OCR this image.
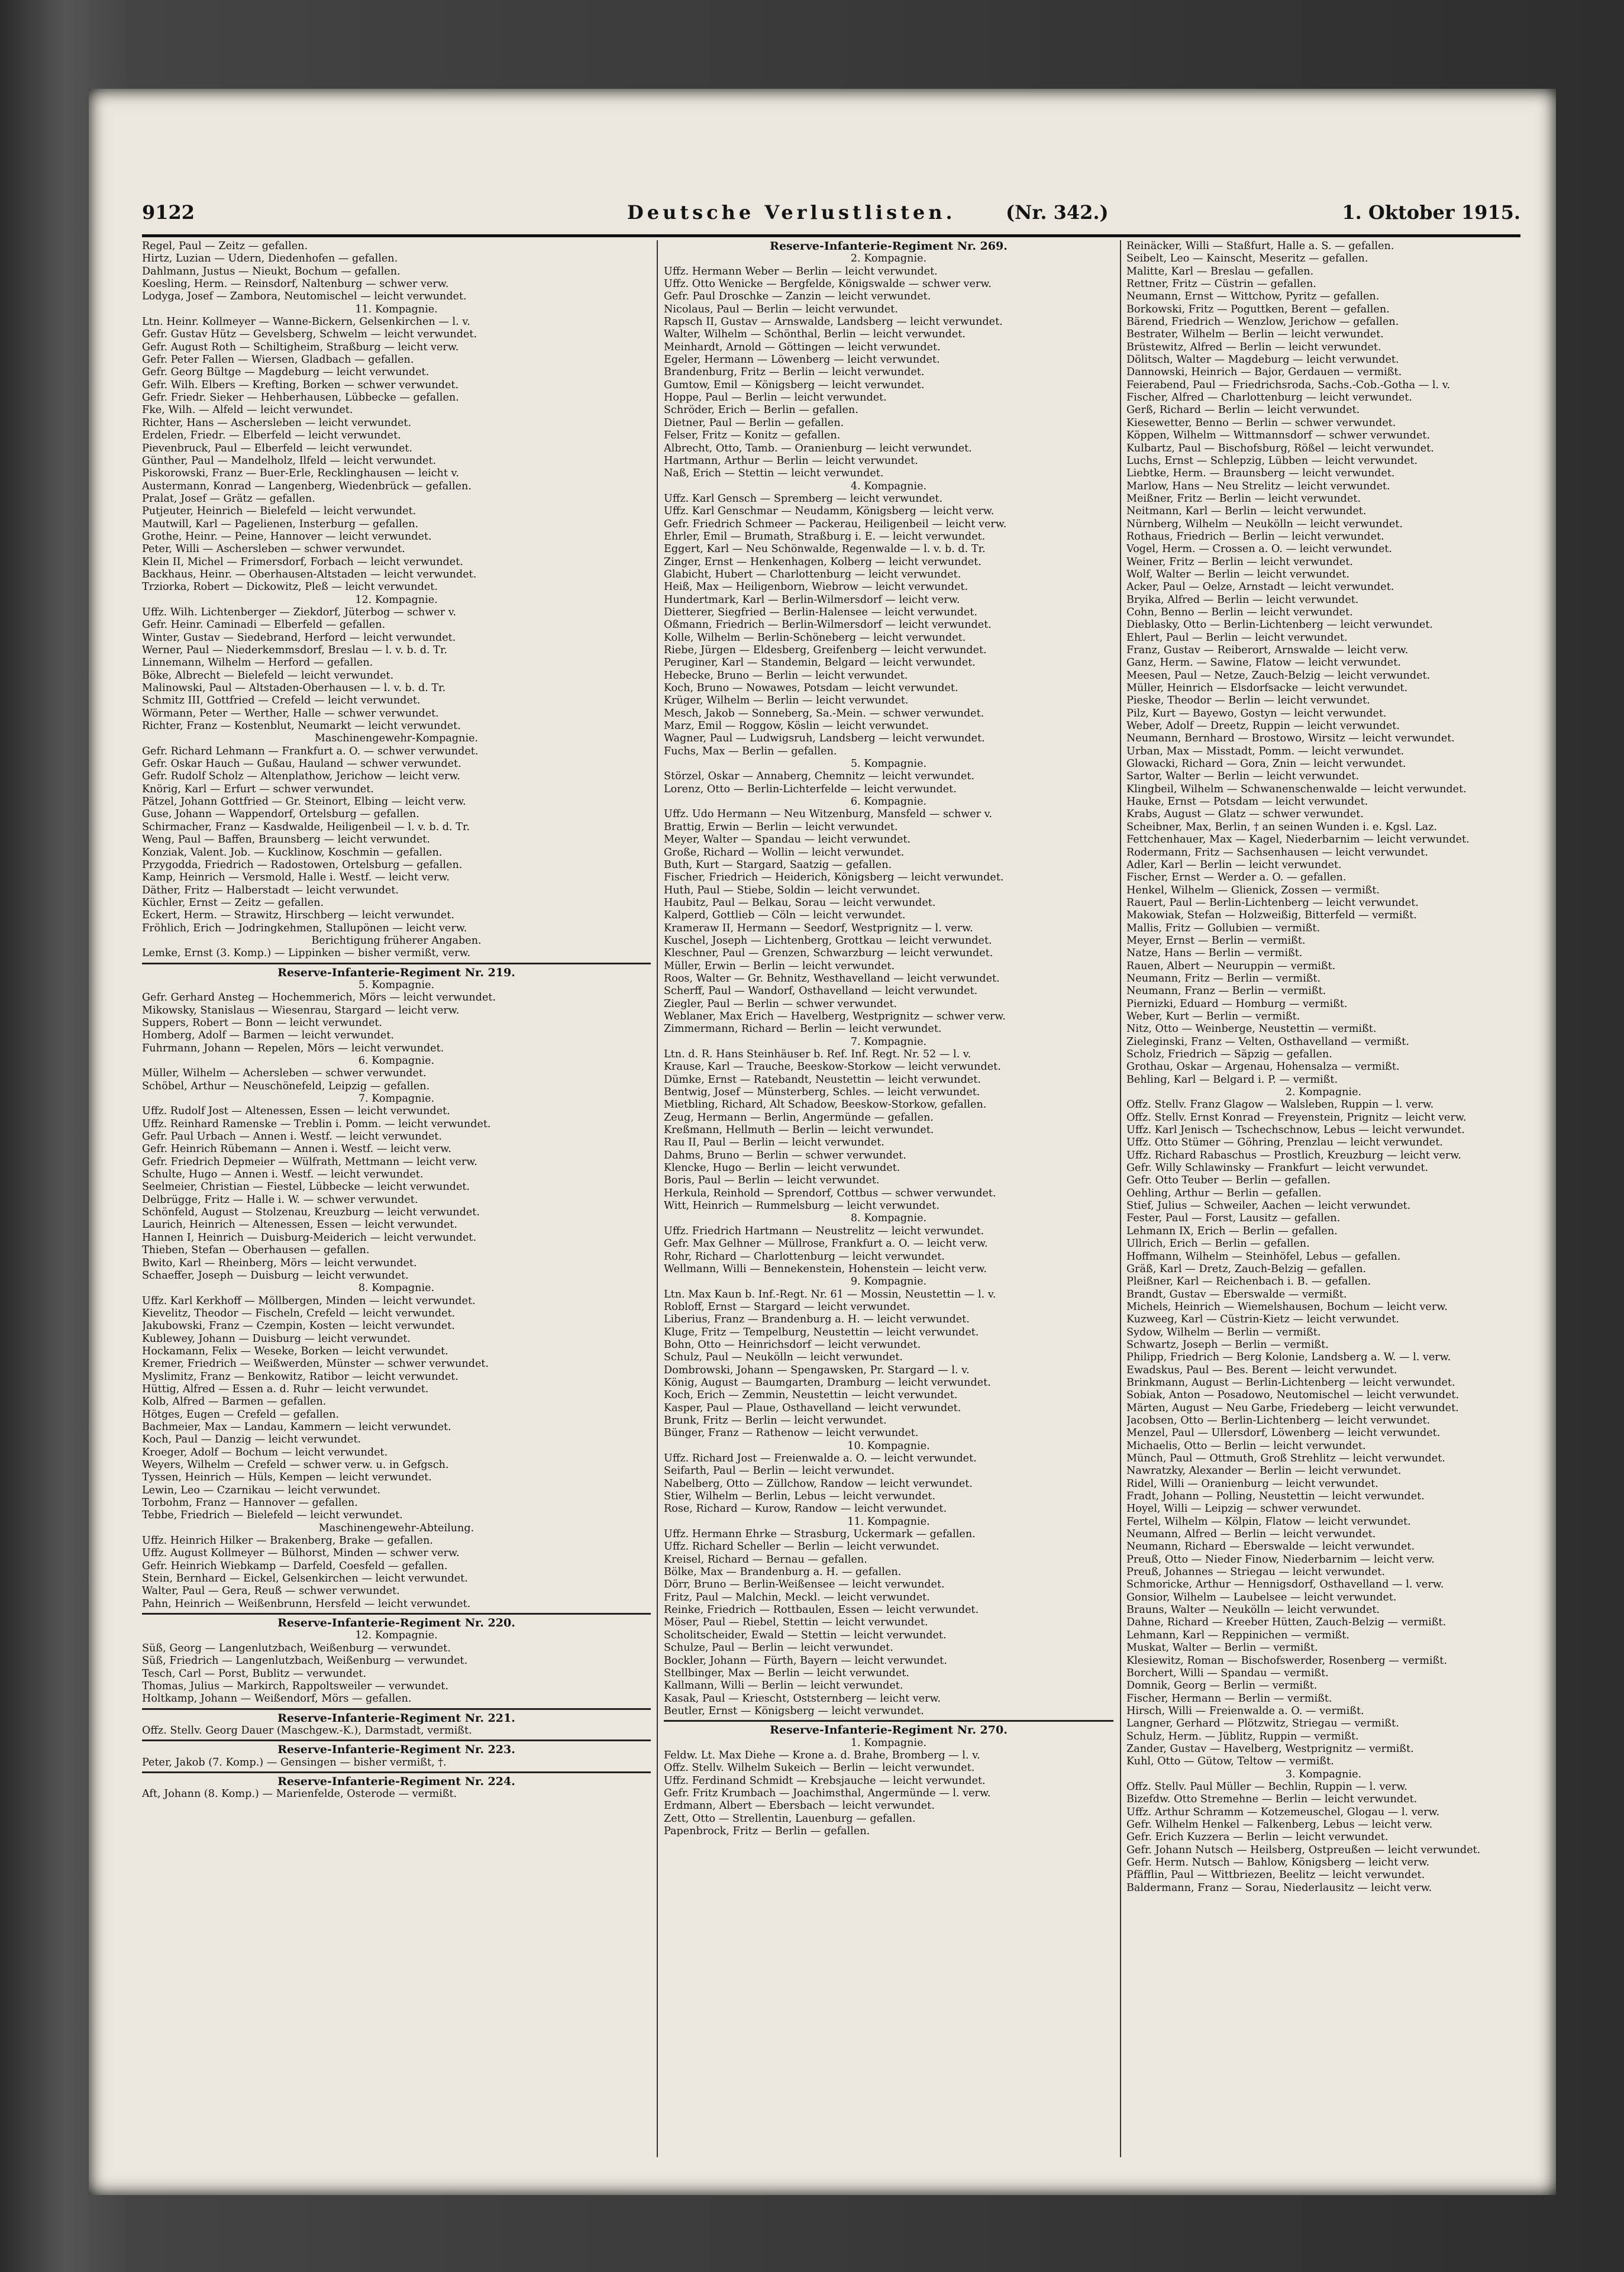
9122	Deutsche Verlustlisten.	(Nr. 342.)	1. Oktober 1915.
Regel, Paul — Zeitz — gefallen.
Hirtz, Luzian — Udern, Diedenhofen — gefallen.
Dahlmann, Justus — Nieukt, Bochum — gefallen.
Koesling, Herm. — Reinsdorf, Naltenburg — schwer verw.
Lodyga, Josef — Zambora, Neutomischel — leicht verwundet.
11. Kompagnie.
Ltn. Heinr. Kollmeyer — Wanne-Bickern, Gelsenkirchen — l. v.
Gefr. Gustav Hütz — Gevelsberg, Schwelm — leicht verwundet.
Gefr. August Roth — Schiltigheim, Straßburg — leicht verw.
Gefr. Peter Fallen — Wiersen, Gladbach — gefallen.
Gefr. Georg Bültge — Magdeburg — leicht verwundet.
Gefr. Wilh. Elbers — Krefting, Borken — schwer verwundet.
Gefr. Friedr. Sieker — Hehberhausen, Lübbecke — gefallen.
Fke, Wilh. — Alfeld — leicht verwundet.
Richter, Hans — Aschersleben — leicht verwundet.
Erdelen, Friedr. — Elberfeld — leicht verwundet.
Pievenbruck, Paul — Elberfeld — leicht verwundet.
Günther, Paul — Mandelholz, Ilfeld — leicht verwundet.
Piskorowski, Franz — Buer-Erle, Recklinghausen — leicht v.
Austermann, Konrad — Langenberg, Wiedenbrück — gefallen.
Pralat, Josef — Grätz — gefallen.
Putjeuter, Heinrich — Bielefeld — leicht verwundet.
Mautwill, Karl — Pagelienen, Insterburg — gefallen.
Grothe, Heinr. — Peine, Hannover — leicht verwundet.
Peter, Willi — Aschersleben — schwer verwundet.
Klein II, Michel — Frimersdorf, Forbach — leicht verwundet.
Backhaus, Heinr. — Oberhausen-Altstaden — leicht verwundet.
Trziorka, Robert — Dickowitz, Pleß — leicht verwundet.
12. Kompagnie.
Uffz. Wilh. Lichtenberger — Ziekdorf, Jüterbog — schwer v.
Gefr. Heinr. Caminadi — Elberfeld — gefallen.
Winter, Gustav — Siedebrand, Herford — leicht verwundet.
Werner, Paul — Niederkemmsdorf, Breslau — l. v. b. d. Tr.
Linnemann, Wilhelm — Herford — gefallen.
Böke, Albrecht — Bielefeld — leicht verwundet.
Malinowski, Paul — Altstaden-Oberhausen — l. v. b. d. Tr.
Schmitz III, Gottfried — Crefeld — leicht verwundet.
Wörmann, Peter — Werther, Halle — schwer verwundet.
Richter, Franz — Kostenblut, Neumarkt — leicht verwundet.
Maschinengewehr-Kompagnie.
Gefr. Richard Lehmann — Frankfurt a. O. — schwer verwundet.
Gefr. Oskar Hauch — Gußau, Hauland — schwer verwundet.
Gefr. Rudolf Scholz — Altenplathow, Jerichow — leicht verw.
Knörig, Karl — Erfurt — schwer verwundet.
Pätzel, Johann Gottfried — Gr. Steinort, Elbing — leicht verw.
Guse, Johann — Wappendorf, Ortelsburg — gefallen.
Schirmacher, Franz — Kasdwalde, Heiligenbeil — l. v. b. d. Tr.
Weng, Paul — Baffen, Braunsberg — leicht verwundet.
Konziak, Valent. Job. — Kucklinow, Koschmin — gefallen.
Przygodda, Friedrich — Radostowen, Ortelsburg — gefallen.
Kamp, Heinrich — Versmold, Halle i. Westf. — leicht verw.
Däther, Fritz — Halberstadt — leicht verwundet.
Küchler, Ernst — Zeitz — gefallen.
Eckert, Herm. — Strawitz, Hirschberg — leicht verwundet.
Fröhlich, Erich — Jodringkehmen, Stallupönen — leicht verw.
Berichtigung früherer Angaben.
Lemke, Ernst (3. Komp.) — Lippinken — bisher vermißt, verw.
Reserve-Infanterie-Regiment Nr. 219.
5. Kompagnie.
Gefr. Gerhard Ansteg — Hochemmerich, Mörs — leicht verwundet.
Mikowsky, Stanislaus — Wiesenrau, Stargard — leicht verw.
Suppers, Robert — Bonn — leicht verwundet.
Homberg, Adolf — Barmen — leicht verwundet.
Fuhrmann, Johann — Repelen, Mörs — leicht verwundet.
6. Kompagnie.
Müller, Wilhelm — Achersleben — schwer verwundet.
Schöbel, Arthur — Neuschönefeld, Leipzig — gefallen.
7. Kompagnie.
Uffz. Rudolf Jost — Altenessen, Essen — leicht verwundet.
Uffz. Reinhard Ramenske — Treblin i. Pomm. — leicht verwundet.
Gefr. Paul Urbach — Annen i. Westf. — leicht verwundet.
Gefr. Heinrich Rübemann — Annen i. Westf. — leicht verw.
Gefr. Friedrich Depmeier — Wülfrath, Mettmann — leicht verw.
Schulte, Hugo — Annen i. Westf. — leicht verwundet.
Seelmeier, Christian — Fiestel, Lübbecke — leicht verwundet.
Delbrügge, Fritz — Halle i. W. — schwer verwundet.
Schönfeld, August — Stolzenau, Kreuzburg — leicht verwundet.
Laurich, Heinrich — Altenessen, Essen — leicht verwundet.
Hannen I, Heinrich — Duisburg-Meiderich — leicht verwundet.
Thieben, Stefan — Oberhausen — gefallen.
Bwito, Karl — Rheinberg, Mörs — leicht verwundet.
Schaeffer, Joseph — Duisburg — leicht verwundet.
8. Kompagnie.
Uffz. Karl Kerkhoff — Möllbergen, Minden — leicht verwundet.
Kievelitz, Theodor — Fischeln, Crefeld — leicht verwundet.
Jakubowski, Franz — Czempin, Kosten — leicht verwundet.
Kublewey, Johann — Duisburg — leicht verwundet.
Hockamann, Felix — Weseke, Borken — leicht verwundet.
Kremer, Friedrich — Weißwerden, Münster — schwer verwundet.
Myslimitz, Franz — Benkowitz, Ratibor — leicht verwundet.
Hüttig, Alfred — Essen a. d. Ruhr — leicht verwundet.
Kolb, Alfred — Barmen — gefallen.
Hötges, Eugen — Crefeld — gefallen.
Bachmeier, Max — Landau, Kammern — leicht verwundet.
Koch, Paul — Danzig — leicht verwundet.
Kroeger, Adolf — Bochum — leicht verwundet.
Weyers, Wilhelm — Crefeld — schwer verw. u. in Gefgsch.
Tyssen, Heinrich — Hüls, Kempen — leicht verwundet.
Lewin, Leo — Czarnikau — leicht verwundet.
Torbohm, Franz — Hannover — gefallen.
Tebbe, Friedrich — Bielefeld — leicht verwundet.
Maschinengewehr-Abteilung.
Uffz. Heinrich Hilker — Brakenberg, Brake — gefallen.
Uffz. August Kollmeyer — Bülhorst, Minden — schwer verw.
Gefr. Heinrich Wiebkamp — Darfeld, Coesfeld — gefallen.
Stein, Bernhard — Eickel, Gelsenkirchen — leicht verwundet.
Walter, Paul — Gera, Reuß — schwer verwundet.
Pahn, Heinrich — Weißenbrunn, Hersfeld — leicht verwundet.
Reserve-Infanterie-Regiment Nr. 220.
12. Kompagnie.
Süß, Georg — Langenlutzbach, Weißenburg — verwundet.
Süß, Friedrich — Langenlutzbach, Weißenburg — verwundet.
Tesch, Carl — Porst, Bublitz — verwundet.
Thomas, Julius — Markirch, Rappoltsweiler — verwundet.
Holtkamp, Johann — Weißendorf, Mörs — gefallen.
Reserve-Infanterie-Regiment Nr. 221.
Offz. Stellv. Georg Dauer (Maschgew.-K.), Darmstadt, vermißt.
Reserve-Infanterie-Regiment Nr. 223.
Peter, Jakob (7. Komp.) — Gensingen — bisher vermißt, †.
Reserve-Infanterie-Regiment Nr. 224.
Aft, Johann (8. Komp.) — Marienfelde, Osterode — vermißt.
Reserve-Infanterie-Regiment Nr. 269.
2. Kompagnie.
Uffz. Hermann Weber — Berlin — leicht verwundet.
Uffz. Otto Wenicke — Bergfelde, Königswalde — schwer verw.
Gefr. Paul Droschke — Zanzin — leicht verwundet.
Nicolaus, Paul — Berlin — leicht verwundet.
Rapsch II, Gustav — Arnswalde, Landsberg — leicht verwundet.
Walter, Wilhelm — Schönthal, Berlin — leicht verwundet.
Meinhardt, Arnold — Göttingen — leicht verwundet.
Egeler, Hermann — Löwenberg — leicht verwundet.
Brandenburg, Fritz — Berlin — leicht verwundet.
Gumtow, Emil — Königsberg — leicht verwundet.
Hoppe, Paul — Berlin — leicht verwundet.
Schröder, Erich — Berlin — gefallen.
Dietner, Paul — Berlin — gefallen.
Felser, Fritz — Konitz — gefallen.
Albrecht, Otto, Tamb. — Oranienburg — leicht verwundet.
Hartmann, Arthur — Berlin — leicht verwundet.
Naß, Erich — Stettin — leicht verwundet.
4. Kompagnie.
Uffz. Karl Gensch — Spremberg — leicht verwundet.
Uffz. Karl Genschmar — Neudamm, Königsberg — leicht verw.
Gefr. Friedrich Schmeer — Packerau, Heiligenbeil — leicht verw.
Ehrler, Emil — Brumath, Straßburg i. E. — leicht verwundet.
Eggert, Karl — Neu Schönwalde, Regenwalde — l. v. b. d. Tr.
Zinger, Ernst — Henkenhagen, Kolberg — leicht verwundet.
Glabicht, Hubert — Charlottenburg — leicht verwundet.
Heiß, Max — Heiligenborn, Wiebrow — leicht verwundet.
Hundertmark, Karl — Berlin-Wilmersdorf — leicht verw.
Dietterer, Siegfried — Berlin-Halensee — leicht verwundet.
Oßmann, Friedrich — Berlin-Wilmersdorf — leicht verwundet.
Kolle, Wilhelm — Berlin-Schöneberg — leicht verwundet.
Riebe, Jürgen — Eldesberg, Greifenberg — leicht verwundet.
Peruginer, Karl — Standemin, Belgard — leicht verwundet.
Hebecke, Bruno — Berlin — leicht verwundet.
Koch, Bruno — Nowawes, Potsdam — leicht verwundet.
Krüger, Wilhelm — Berlin — leicht verwundet.
Mesch, Jakob — Sonneberg, Sa.-Mein. — schwer verwundet.
Marz, Emil — Roggow, Köslin — leicht verwundet.
Wagner, Paul — Ludwigsruh, Landsberg — leicht verwundet.
Fuchs, Max — Berlin — gefallen.
5. Kompagnie.
Störzel, Oskar — Annaberg, Chemnitz — leicht verwundet.
Lorenz, Otto — Berlin-Lichterfelde — leicht verwundet.
6. Kompagnie.
Uffz. Udo Hermann — Neu Witzenburg, Mansfeld — schwer v.
Brattig, Erwin — Berlin — leicht verwundet.
Meyer, Walter — Spandau — leicht verwundet.
Große, Richard — Wollin — leicht verwundet.
Buth, Kurt — Stargard, Saatzig — gefallen.
Fischer, Friedrich — Heiderich, Königsberg — leicht verwundet.
Huth, Paul — Stiebe, Soldin — leicht verwundet.
Haubitz, Paul — Belkau, Sorau — leicht verwundet.
Kalperd, Gottlieb — Cöln — leicht verwundet.
Krameraw II, Hermann — Seedorf, Westprignitz — l. verw.
Kuschel, Joseph — Lichtenberg, Grottkau — leicht verwundet.
Kleschner, Paul — Grenzen, Schwarzburg — leicht verwundet.
Müller, Erwin — Berlin — leicht verwundet.
Roos, Walter — Gr. Behnitz, Westhavelland — leicht verwundet.
Scherff, Paul — Wandorf, Osthavelland — leicht verwundet.
Ziegler, Paul — Berlin — schwer verwundet.
Weblaner, Max Erich — Havelberg, Westprignitz — schwer verw.
Zimmermann, Richard — Berlin — leicht verwundet.
7. Kompagnie.
Ltn. d. R. Hans Steinhäuser b. Ref. Inf. Regt. Nr. 52 — l. v.
Krause, Karl — Trauche, Beeskow-Storkow — leicht verwundet.
Dümke, Ernst — Ratebandt, Neustettin — leicht verwundet.
Bentwig, Josef — Münsterberg, Schles. — leicht verwundet.
Mietbling, Richard, Alt Schadow, Beeskow-Storkow, gefallen.
Zeug, Hermann — Berlin, Angermünde — gefallen.
Kreßmann, Hellmuth — Berlin — leicht verwundet.
Rau II, Paul — Berlin — leicht verwundet.
Dahms, Bruno — Berlin — schwer verwundet.
Klencke, Hugo — Berlin — leicht verwundet.
Boris, Paul — Berlin — leicht verwundet.
Herkula, Reinhold — Sprendorf, Cottbus — schwer verwundet.
Witt, Heinrich — Rummelsburg — leicht verwundet.
8. Kompagnie.
Uffz. Friedrich Hartmann — Neustrelitz — leicht verwundet.
Gefr. Max Gelhner — Müllrose, Frankfurt a. O. — leicht verw.
Rohr, Richard — Charlottenburg — leicht verwundet.
Wellmann, Willi — Bennekenstein, Hohenstein — leicht verw.
9. Kompagnie.
Ltn. Max Kaun b. Inf.-Regt. Nr. 61 — Mossin, Neustettin — l. v.
Robloff, Ernst — Stargard — leicht verwundet.
Liberius, Franz — Brandenburg a. H. — leicht verwundet.
Kluge, Fritz — Tempelburg, Neustettin — leicht verwundet.
Bohn, Otto — Heinrichsdorf — leicht verwundet.
Schulz, Paul — Neukölln — leicht verwundet.
Dombrowski, Johann — Spengawsken, Pr. Stargard — l. v.
König, August — Baumgarten, Dramburg — leicht verwundet.
Koch, Erich — Zemmin, Neustettin — leicht verwundet.
Kasper, Paul — Plaue, Osthavelland — leicht verwundet.
Brunk, Fritz — Berlin — leicht verwundet.
Bünger, Franz — Rathenow — leicht verwundet.
10. Kompagnie.
Uffz. Richard Jost — Freienwalde a. O. — leicht verwundet.
Seifarth, Paul — Berlin — leicht verwundet.
Nabelberg, Otto — Züllchow, Randow — leicht verwundet.
Stier, Wilhelm — Berlin, Lebus — leicht verwundet.
Rose, Richard — Kurow, Randow — leicht verwundet.
11. Kompagnie.
Uffz. Hermann Ehrke — Strasburg, Uckermark — gefallen.
Uffz. Richard Scheller — Berlin — leicht verwundet.
Kreisel, Richard — Bernau — gefallen.
Bölke, Max — Brandenburg a. H. — gefallen.
Dörr, Bruno — Berlin-Weißensee — leicht verwundet.
Fritz, Paul — Malchin, Meckl. — leicht verwundet.
Reinke, Friedrich — Rottbaulen, Essen — leicht verwundet.
Möser, Paul — Riebel, Stettin — leicht verwundet.
Scholitscheider, Ewald — Stettin — leicht verwundet.
Schulze, Paul — Berlin — leicht verwundet.
Bockler, Johann — Fürth, Bayern — leicht verwundet.
Stellbinger, Max — Berlin — leicht verwundet.
Kallmann, Willi — Berlin — leicht verwundet.
Kasak, Paul — Kriescht, Oststernberg — leicht verw.
Beutler, Ernst — Königsberg — leicht verwundet.
Reserve-Infanterie-Regiment Nr. 270.
1. Kompagnie.
Feldw. Lt. Max Diehe — Krone a. d. Brahe, Bromberg — l. v.
Offz. Stellv. Wilhelm Sukeich — Berlin — leicht verwundet.
Uffz. Ferdinand Schmidt — Krebsjauche — leicht verwundet.
Gefr. Fritz Krumbach — Joachimsthal, Angermünde — l. verw.
Erdmann, Albert — Ebersbach — leicht verwundet.
Zett, Otto — Strellentin, Lauenburg — gefallen.
Papenbrock, Fritz — Berlin — gefallen.
Reinäcker, Willi — Staßfurt, Halle a. S. — gefallen.
Seibelt, Leo — Kainscht, Meseritz — gefallen.
Malitte, Karl — Breslau — gefallen.
Rettner, Fritz — Cüstrin — gefallen.
Neumann, Ernst — Wittchow, Pyritz — gefallen.
Borkowski, Fritz — Poguttken, Berent — gefallen.
Bärend, Friedrich — Wenzlow, Jerichow — gefallen.
Bestrater, Wilhelm — Berlin — leicht verwundet.
Brüstewitz, Alfred — Berlin — leicht verwundet.
Dölitsch, Walter — Magdeburg — leicht verwundet.
Dannowski, Heinrich — Bajor, Gerdauen — vermißt.
Feierabend, Paul — Friedrichsroda, Sachs.-Cob.-Gotha — l. v.
Fischer, Alfred — Charlottenburg — leicht verwundet.
Gerß, Richard — Berlin — leicht verwundet.
Kiesewetter, Benno — Berlin — schwer verwundet.
Köppen, Wilhelm — Wittmannsdorf — schwer verwundet.
Kulbartz, Paul — Bischofsburg, Rößel — leicht verwundet.
Luchs, Ernst — Schlepzig, Lübben — leicht verwundet.
Liebtke, Herm. — Braunsberg — leicht verwundet.
Marlow, Hans — Neu Strelitz — leicht verwundet.
Meißner, Fritz — Berlin — leicht verwundet.
Neitmann, Karl — Berlin — leicht verwundet.
Nürnberg, Wilhelm — Neukölln — leicht verwundet.
Rothaus, Friedrich — Berlin — leicht verwundet.
Vogel, Herm. — Crossen a. O. — leicht verwundet.
Weiner, Fritz — Berlin — leicht verwundet.
Wolf, Walter — Berlin — leicht verwundet.
Acker, Paul — Oelze, Arnstadt — leicht verwundet.
Bryika, Alfred — Berlin — leicht verwundet.
Cohn, Benno — Berlin — leicht verwundet.
Dieblasky, Otto — Berlin-Lichtenberg — leicht verwundet.
Ehlert, Paul — Berlin — leicht verwundet.
Franz, Gustav — Reiberort, Arnswalde — leicht verw.
Ganz, Herm. — Sawine, Flatow — leicht verwundet.
Meesen, Paul — Netze, Zauch-Belzig — leicht verwundet.
Müller, Heinrich — Elsdorfsacke — leicht verwundet.
Pieske, Theodor — Berlin — leicht verwundet.
Pilz, Kurt — Bayewo, Gostyn — leicht verwundet.
Weber, Adolf — Dreetz, Ruppin — leicht verwundet.
Neumann, Bernhard — Brostowo, Wirsitz — leicht verwundet.
Urban, Max — Misstadt, Pomm. — leicht verwundet.
Glowacki, Richard — Gora, Znin — leicht verwundet.
Sartor, Walter — Berlin — leicht verwundet.
Klingbeil, Wilhelm — Schwanenschenwalde — leicht verwundet.
Hauke, Ernst — Potsdam — leicht verwundet.
Krabs, August — Glatz — schwer verwundet.
Scheibner, Max, Berlin, † an seinen Wunden i. e. Kgsl. Laz.
Fettchenhauer, Max — Kagel, Niederbarnim — leicht verwundet.
Rodermann, Fritz — Sachsenhausen — leicht verwundet.
Adler, Karl — Berlin — leicht verwundet.
Fischer, Ernst — Werder a. O. — gefallen.
Henkel, Wilhelm — Glienick, Zossen — vermißt.
Rauert, Paul — Berlin-Lichtenberg — leicht verwundet.
Makowiak, Stefan — Holzweißig, Bitterfeld — vermißt.
Mallis, Fritz — Gollubien — vermißt.
Meyer, Ernst — Berlin — vermißt.
Natze, Hans — Berlin — vermißt.
Rauen, Albert — Neuruppin — vermißt.
Neumann, Fritz — Berlin — vermißt.
Neumann, Franz — Berlin — vermißt.
Piernizki, Eduard — Homburg — vermißt.
Weber, Kurt — Berlin — vermißt.
Nitz, Otto — Weinberge, Neustettin — vermißt.
Zieleginski, Franz — Velten, Osthavelland — vermißt.
Scholz, Friedrich — Säpzig — gefallen.
Grothau, Oskar — Argenau, Hohensalza — vermißt.
Behling, Karl — Belgard i. P. — vermißt.
2. Kompagnie.
Offz. Stellv. Franz Glagow — Walsleben, Ruppin — l. verw.
Offz. Stellv. Ernst Konrad — Freyenstein, Prignitz — leicht verw.
Uffz. Karl Jenisch — Tschechschnow, Lebus — leicht verwundet.
Uffz. Otto Stümer — Göhring, Prenzlau — leicht verwundet.
Uffz. Richard Rabaschus — Prostlich, Kreuzburg — leicht verw.
Gefr. Willy Schlawinsky — Frankfurt — leicht verwundet.
Gefr. Otto Teuber — Berlin — gefallen.
Oehling, Arthur — Berlin — gefallen.
Stief, Julius — Schweiler, Aachen — leicht verwundet.
Fester, Paul — Forst, Lausitz — gefallen.
Lehmann IX, Erich — Berlin — gefallen.
Ullrich, Erich — Berlin — gefallen.
Hoffmann, Wilhelm — Steinhöfel, Lebus — gefallen.
Gräß, Karl — Dretz, Zauch-Belzig — gefallen.
Pleißner, Karl — Reichenbach i. B. — gefallen.
Brandt, Gustav — Eberswalde — vermißt.
Michels, Heinrich — Wiemelshausen, Bochum — leicht verw.
Kuzweeg, Karl — Cüstrin-Kietz — leicht verwundet.
Sydow, Wilhelm — Berlin — vermißt.
Schwartz, Joseph — Berlin — vermißt.
Philipp, Friedrich — Berg Kolonie, Landsberg a. W. — l. verw.
Ewadskus, Paul — Bes. Berent — leicht verwundet.
Brinkmann, August — Berlin-Lichtenberg — leicht verwundet.
Sobiak, Anton — Posadowo, Neutomischel — leicht verwundet.
Märten, August — Neu Garbe, Friedeberg — leicht verwundet.
Jacobsen, Otto — Berlin-Lichtenberg — leicht verwundet.
Menzel, Paul — Ullersdorf, Löwenberg — leicht verwundet.
Michaelis, Otto — Berlin — leicht verwundet.
Münch, Paul — Ottmuth, Groß Strehlitz — leicht verwundet.
Nawratzky, Alexander — Berlin — leicht verwundet.
Ridel, Willi — Oranienburg — leicht verwundet.
Fradt, Johann — Polling, Neustettin — leicht verwundet.
Hoyel, Willi — Leipzig — schwer verwundet.
Fertel, Wilhelm — Kölpin, Flatow — leicht verwundet.
Neumann, Alfred — Berlin — leicht verwundet.
Neumann, Richard — Eberswalde — leicht verwundet.
Preuß, Otto — Nieder Finow, Niederbarnim — leicht verw.
Preuß, Johannes — Striegau — leicht verwundet.
Schmoricke, Arthur — Hennigsdorf, Osthavelland — l. verw.
Gonsior, Wilhelm — Laubelsee — leicht verwundet.
Brauns, Walter — Neukölln — leicht verwundet.
Dahne, Richard — Kreeber Hütten, Zauch-Belzig — vermißt.
Lehmann, Karl — Reppinichen — vermißt.
Muskat, Walter — Berlin — vermißt.
Klesiewitz, Roman — Bischofswerder, Rosenberg — vermißt.
Borchert, Willi — Spandau — vermißt.
Domnik, Georg — Berlin — vermißt.
Fischer, Hermann — Berlin — vermißt.
Hirsch, Willi — Freienwalde a. O. — vermißt.
Langner, Gerhard — Plötzwitz, Striegau — vermißt.
Schulz, Herm. — Jüblitz, Ruppin — vermißt.
Zander, Gustav — Havelberg, Westprignitz — vermißt.
Kuhl, Otto — Gütow, Teltow — vermißt.
3. Kompagnie.
Offz. Stellv. Paul Müller — Bechlin, Ruppin — l. verw.
Bizefdw. Otto Stremehne — Berlin — leicht verwundet.
Uffz. Arthur Schramm — Kotzemeuschel, Glogau — l. verw.
Gefr. Wilhelm Henkel — Falkenberg, Lebus — leicht verw.
Gefr. Erich Kuzzera — Berlin — leicht verwundet.
Gefr. Johann Nutsch — Heilsberg, Ostpreußen — leicht verwundet.
Gefr. Herm. Nutsch — Bahlow, Königsberg — leicht verw.
Pfäfflin, Paul — Wittbriezen, Beelitz — leicht verwundet.
Baldermann, Franz — Sorau, Niederlausitz — leicht verw.
